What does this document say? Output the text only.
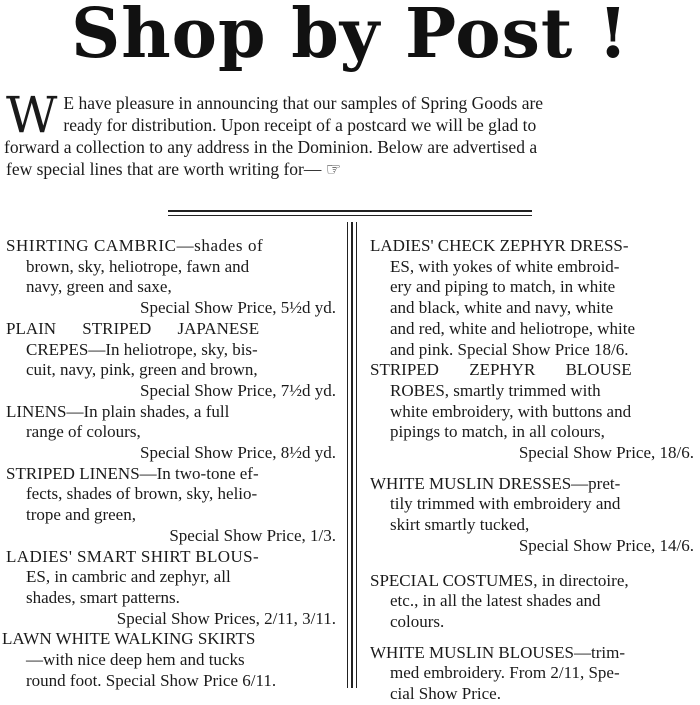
Shop by Post !
W E have pleasure in announcing that our samples of Spring Goods are
ready for distribution. Upon receipt of a postcard we will be glad to
forward a collection to any address in the Dominion. Below are advertised a
few special lines that are worth writing for— ☞
SHIRTING CAMBRIC—shades of
brown, sky, heliotrope, fawn and
navy, green and saxe,
Special Show Price, 5½d yd.
PLAIN STRIPED JAPANESE
CREPES—In heliotrope, sky, bis-
cuit, navy, pink, green and brown,
Special Show Price, 7½d yd.
LINENS—In plain shades, a full
range of colours,
Special Show Price, 8½d yd.
STRIPED LINENS—In two-tone ef-
fects, shades of brown, sky, helio-
trope and green,
Special Show Price, 1/3.
LADIES' SMART SHIRT BLOUS-
ES, in cambric and zephyr, all
shades, smart patterns.
Special Show Prices, 2/11, 3/11.
LAWN WHITE WALKING SKIRTS
—with nice deep hem and tucks
round foot. Special Show Price 6/11.
LADIES' CHECK ZEPHYR DRESS-
ES, with yokes of white embroid-
ery and piping to match, in white
and black, white and navy, white
and red, white and heliotrope, white
and pink. Special Show Price 18/6.
STRIPED ZEPHYR BLOUSE
ROBES, smartly trimmed with
white embroidery, with buttons and
pipings to match, in all colours,
Special Show Price, 18/6.
WHITE MUSLIN DRESSES—pret-
tily trimmed with embroidery and
skirt smartly tucked,
Special Show Price, 14/6.
SPECIAL COSTUMES, in directoire,
etc., in all the latest shades and
colours.
WHITE MUSLIN BLOUSES—trim-
med embroidery. From 2/11, Spe-
cial Show Price.
